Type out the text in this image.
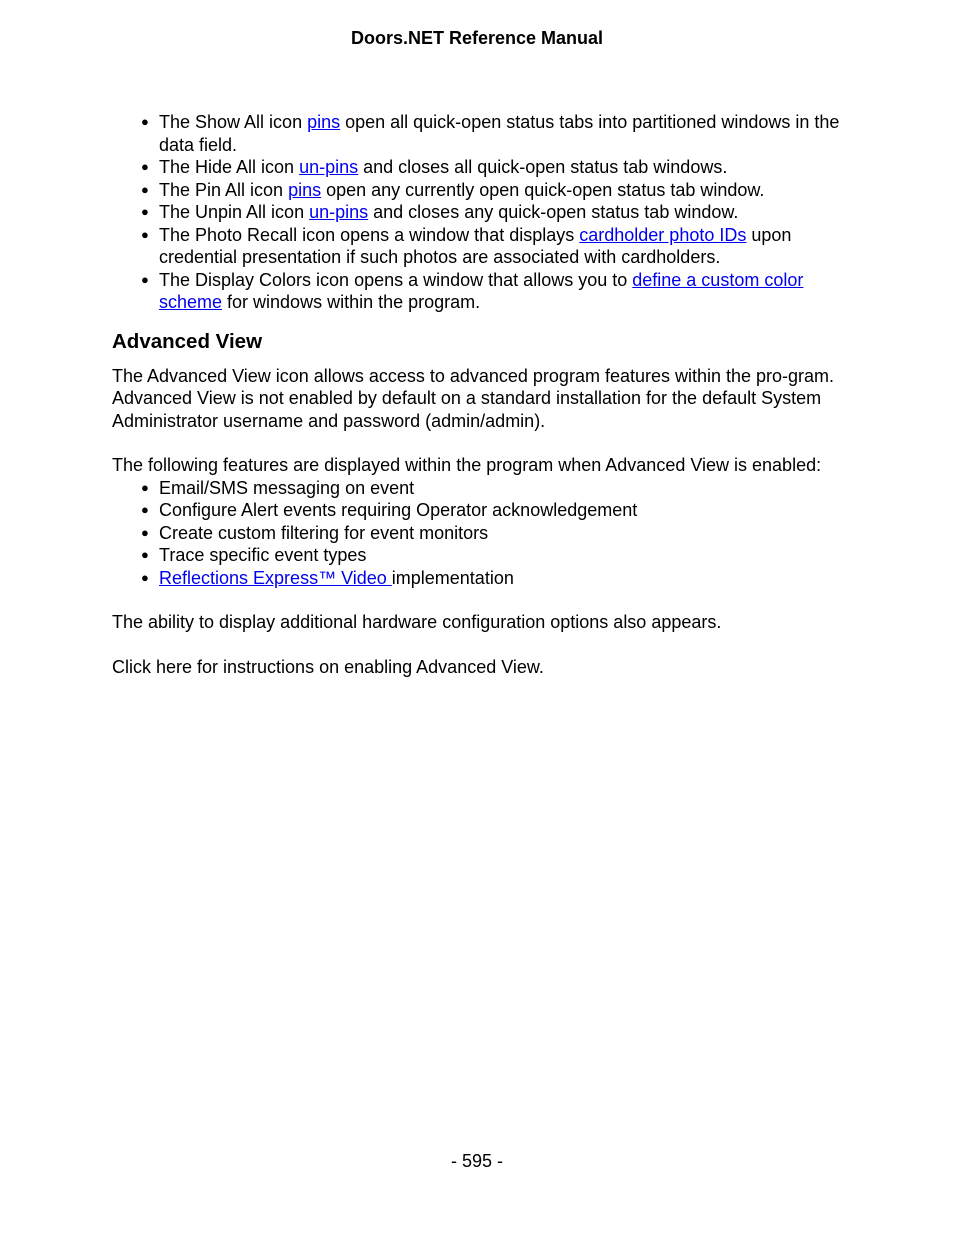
Doors.NET Reference Manual
● The Show All icon pins open all quick-open status tabs into partitioned windows in the data field.
● The Hide All icon un-pins and closes all quick-open status tab windows.
● The Pin All icon pins open any currently open quick-open status tab window.
● The Unpin All icon un-pins and closes any quick-open status tab window.
● The Photo Recall icon opens a window that displays cardholder photo IDs upon credential presentation if such photos are associated with cardholders.
● The Display Colors icon opens a window that allows you to define a custom color scheme for windows within the program.
Advanced View

The Advanced View icon allows access to advanced program features within the pro-gram. Advanced View is not enabled by default on a standard installation for the default System Administrator username and password (admin/admin).

The following features are displayed within the program when Advanced View is enabled:

● Email/SMS messaging on event
● Configure Alert events requiring Operator acknowledgement
● Create custom filtering for event monitors
● Trace specific event types
● Reflections Express™ Video implementation

The ability to display additional hardware configuration options also appears.

Click here for instructions on enabling Advanced View.

- 595 -
